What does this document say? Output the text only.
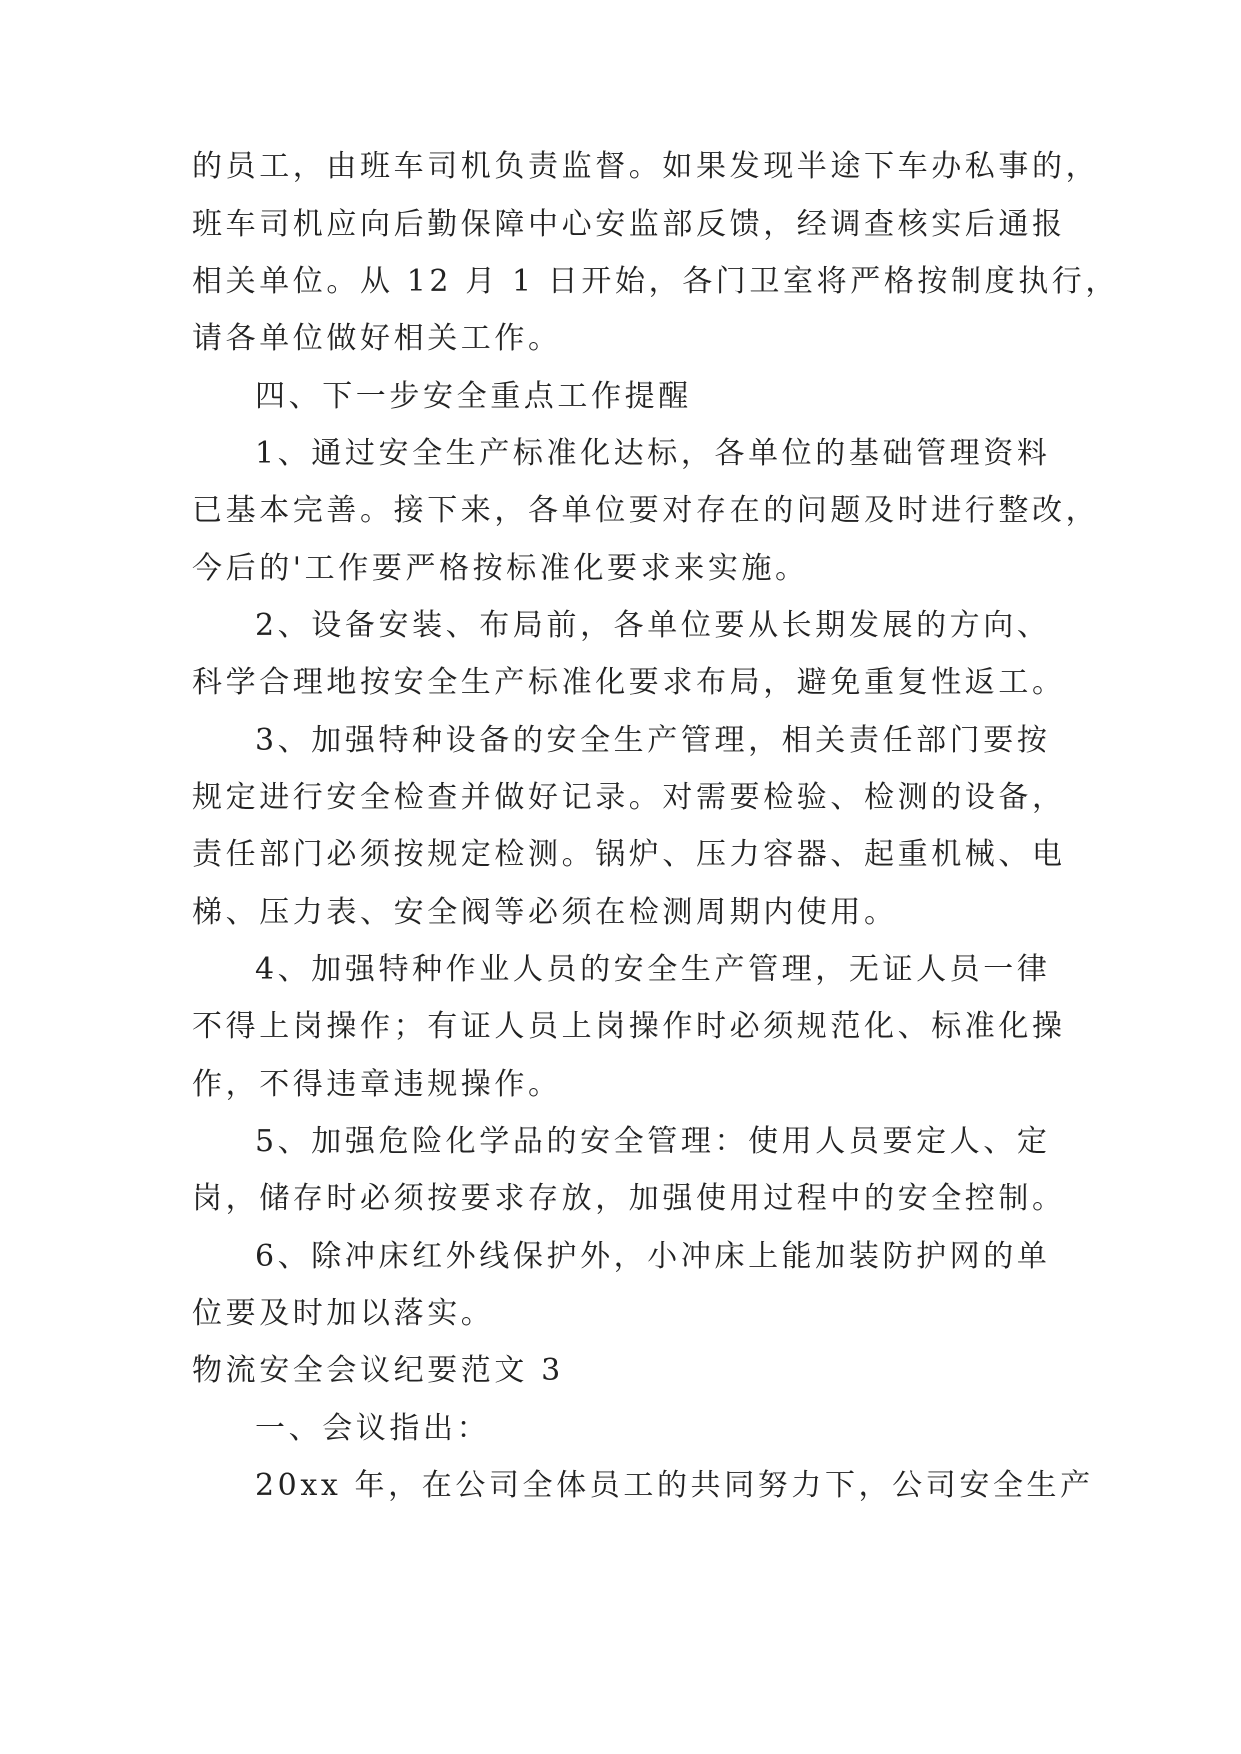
的员工，由班车司机负责监督。如果发现半途下车办私事的，
班车司机应向后勤保障中心安监部反馈，经调查核实后通报
相关单位。从 12 月 1 日开始，各门卫室将严格按制度执行，
请各单位做好相关工作。
四、下一步安全重点工作提醒
1、通过安全生产标准化达标，各单位的基础管理资料
已基本完善。接下来，各单位要对存在的问题及时进行整改，
今后的'工作要严格按标准化要求来实施。
2、设备安装、布局前，各单位要从长期发展的方向、
科学合理地按安全生产标准化要求布局，避免重复性返工。
3、加强特种设备的安全生产管理，相关责任部门要按
规定进行安全检查并做好记录。对需要检验、检测的设备，
责任部门必须按规定检测。锅炉、压力容器、起重机械、电
梯、压力表、安全阀等必须在检测周期内使用。
4、加强特种作业人员的安全生产管理，无证人员一律
不得上岗操作；有证人员上岗操作时必须规范化、标准化操
作，不得违章违规操作。
5、加强危险化学品的安全管理：使用人员要定人、定
岗，储存时必须按要求存放，加强使用过程中的安全控制。
6、除冲床红外线保护外，小冲床上能加装防护网的单
位要及时加以落实。
物流安全会议纪要范文 3
一、会议指出：
20xx 年，在公司全体员工的共同努力下，公司安全生产
